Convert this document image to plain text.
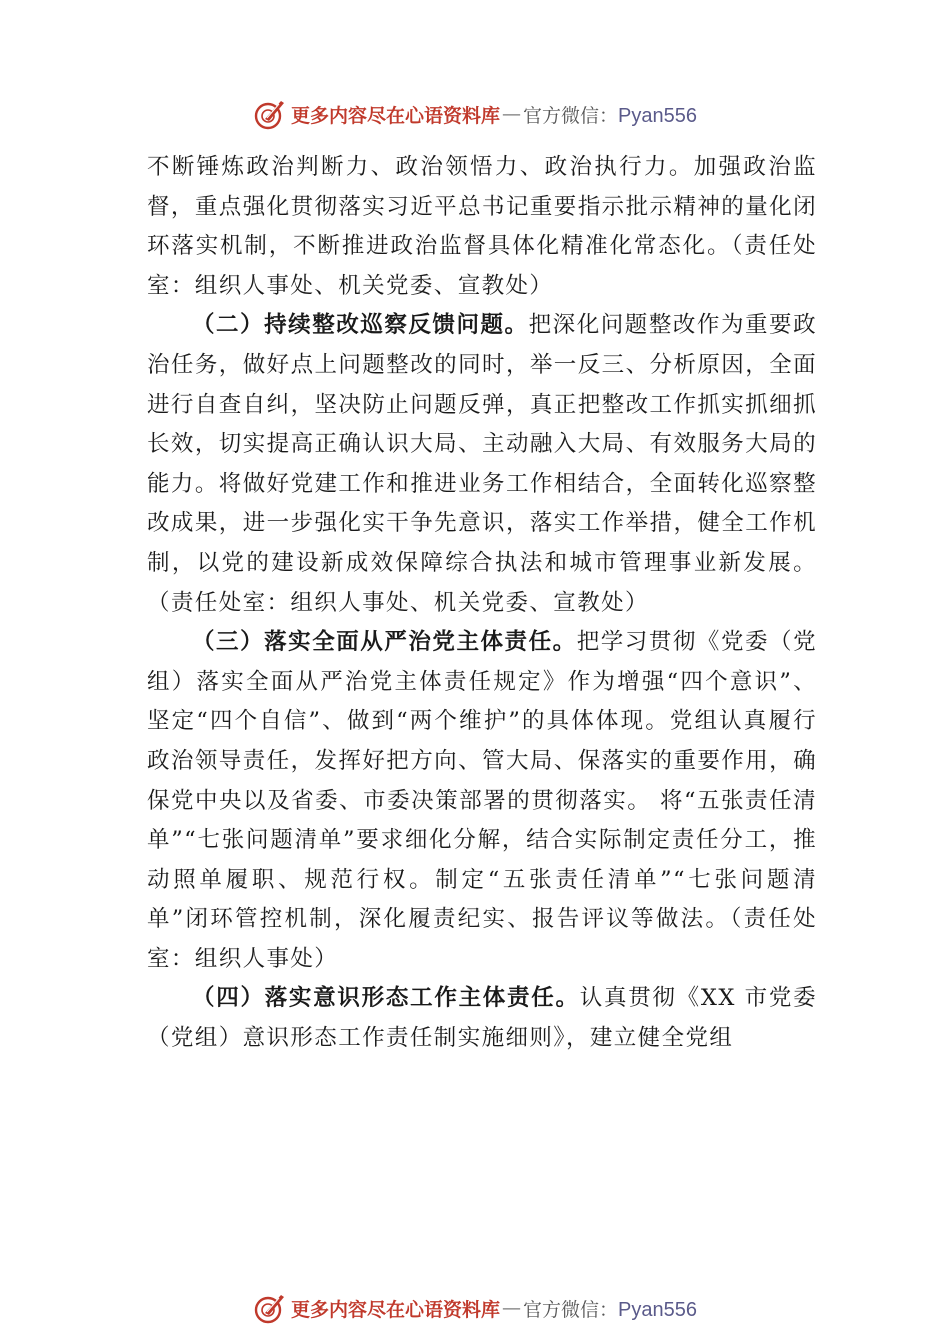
更多内容尽在心语资料库 — 官方微信：Pyan556

不断锤炼政治判断力、政治领悟力、政治执行力。加强政治监督，重点强化贯彻落实习近平总书记重要指示批示精神的量化闭环落实机制，不断推进政治监督具体化精准化常态化。（责任处室：组织人事处、机关党委、宣教处）

（二）持续整改巡察反馈问题。把深化问题整改作为重要政治任务，做好点上问题整改的同时，举一反三、分析原因，全面进行自查自纠，坚决防止问题反弹，真正把整改工作抓实抓细抓长效，切实提高正确认识大局、主动融入大局、有效服务大局的能力。将做好党建工作和推进业务工作相结合，全面转化巡察整改成果，进一步强化实干争先意识，落实工作举措，健全工作机制，以党的建设新成效保障综合执法和城市管理事业新发展。（责任处室：组织人事处、机关党委、宣教处）

（三）落实全面从严治党主体责任。把学习贯彻《党委（党组）落实全面从严治党主体责任规定》作为增强“四个意识”、坚定“四个自信”、做到“两个维护”的具体体现。党组认真履行政治领导责任，发挥好把方向、管大局、保落实的重要作用，确保党中央以及省委、市委决策部署的贯彻落实。 将“五张责任清单”“七张问题清单”要求细化分解，结合实际制定责任分工，推动照单履职、规范行权。制定“五张责任清单”“七张问题清单”闭环管控机制，深化履责纪实、报告评议等做法。（责任处室：组织人事处）

（四）落实意识形态工作主体责任。认真贯彻《XX 市党委（党组）意识形态工作责任制实施细则》，建立健全党组

更多内容尽在心语资料库 — 官方微信：Pyan556
